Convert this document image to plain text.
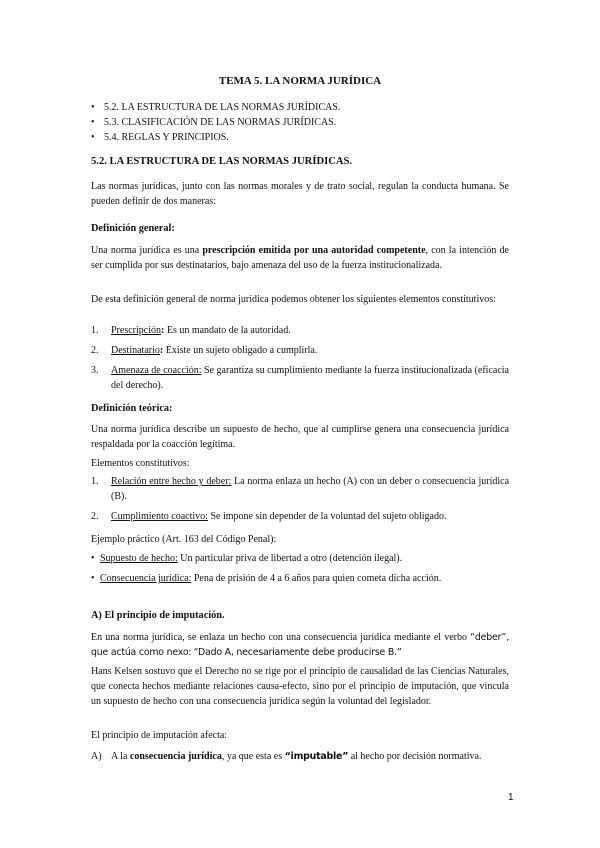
TEMA 5. LA NORMA JURÍDICA
• 5.2. LA ESTRUCTURA DE LAS NORMAS JURÍDICAS.
• 5.3. CLASIFICACIÓN DE LAS NORMAS JURÍDICAS.
• 5.4. REGLAS Y PRINCIPIOS.
5.2. LA ESTRUCTURA DE LAS NORMAS JURÍDICAS.
Las normas jurídicas, junto con las normas morales y de trato social, regulan la conducta humana. Se pueden definir de dos maneras:
Definición general:
Una norma jurídica es una prescripción emitida por una autoridad competente, con la intención de ser cumplida por sus destinatarios, bajo amenaza del uso de la fuerza institucionalizada.
De esta definición general de norma jurídica podemos obtener los siguientes elementos constitutivos:
1. Prescripción: Es un mandato de la autoridad.
2. Destinatario: Existe un sujeto obligado a cumplirla.
3. Amenaza de coacción: Se garantiza su cumplimiento mediante la fuerza institucionalizada (eficacia del derecho).
Definición teórica:
Una norma jurídica describe un supuesto de hecho, que al cumplirse genera una consecuencia jurídica respaldada por la coacción legítima.
Elementos constitutivos:
1. Relación entre hecho y deber: La norma enlaza un hecho (A) con un deber o consecuencia jurídica (B).
2. Cumplimiento coactivo: Se impone sin depender de la voluntad del sujeto obligado.
Ejemplo práctico (Art. 163 del Código Penal):
• Supuesto de hecho: Un particular priva de libertad a otro (detención ilegal).
• Consecuencia jurídica: Pena de prisión de 4 a 6 años para quien cometa dicha acción.
A) El principio de imputación.
En una norma jurídica, se enlaza un hecho con una consecuencia jurídica mediante el verbo “deber”, que actúa como nexo: “Dado A, necesariamente debe producirse B.”
Hans Kelsen sostuvo que el Derecho no se rige por el principio de causalidad de las Ciencias Naturales, que conecta hechos mediante relaciones causa-efecto, sino por el principio de imputación, que vincula un supuesto de hecho con una consecuencia jurídica según la voluntad del legislador.
El principio de imputación afecta:
A) A la consecuencia jurídica, ya que esta es “imputable” al hecho por decisión normativa.
1
